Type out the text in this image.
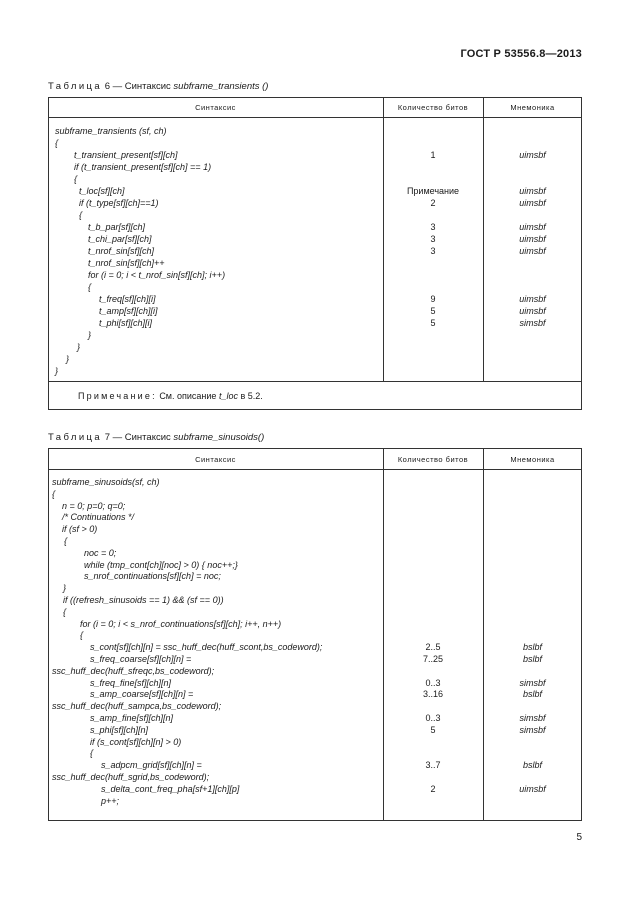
ГОСТ Р 53556.8—2013
Таблица 6 — Синтаксис subframe_transients ()
Синтаксис	Количество битов	Мнемоника
subframe_transients (sf, ch)
{
t_transient_present[sf][ch]	1	uimsbf
if (t_transient_present[sf][ch] == 1)
{
t_loc[sf][ch]	Примечание	uimsbf
if (t_type[sf][ch]==1)	2	uimsbf
{
t_b_par[sf][ch]	3	uimsbf
t_chi_par[sf][ch]	3	uimsbf
t_nrof_sin[sf][ch]	3	uimsbf
t_nrof_sin[sf][ch]++
for (i = 0; i < t_nrof_sin[sf][ch]; i++)
{
t_freq[sf][ch][i]	9	uimsbf
t_amp[sf][ch][i]	5	uimsbf
t_phi[sf][ch][i]	5	simsbf
}
}
}
}
Примечание: См. описание t_loc в 5.2.
Таблица 7 — Синтаксис subframe_sinusoids()
Синтаксис	Количество битов	Мнемоника
subframe_sinusoids(sf, ch)
{
n = 0; p=0; q=0;
/* Continuations */
if (sf > 0)
{
noc = 0;
while (tmp_cont[ch][noc] > 0) { noc++;}
s_nrof_continuations[sf][ch] = noc;
}
if ((refresh_sinusoids == 1) && (sf == 0))
{
for (i = 0; i < s_nrof_continuations[sf][ch]; i++, n++)
{
s_cont[sf][ch][n] = ssc_huff_dec(huff_scont,bs_codeword);	2..5	bslbf
s_freq_coarse[sf][ch][n] =	7..25	bslbf
ssc_huff_dec(huff_sfreqc,bs_codeword);
s_freq_fine[sf][ch][n]	0..3	simsbf
s_amp_coarse[sf][ch][n] =	3..16	bslbf
ssc_huff_dec(huff_sampca,bs_codeword);
s_amp_fine[sf][ch][n]	0..3	simsbf
s_phi[sf][ch][n]	5	simsbf
if (s_cont[sf][ch][n] > 0)
{
s_adpcm_grid[sf][ch][n] =	3..7	bslbf
ssc_huff_dec(huff_sgrid,bs_codeword);
s_delta_cont_freq_pha[sf+1][ch][p]	2	uimsbf
p++;
5
